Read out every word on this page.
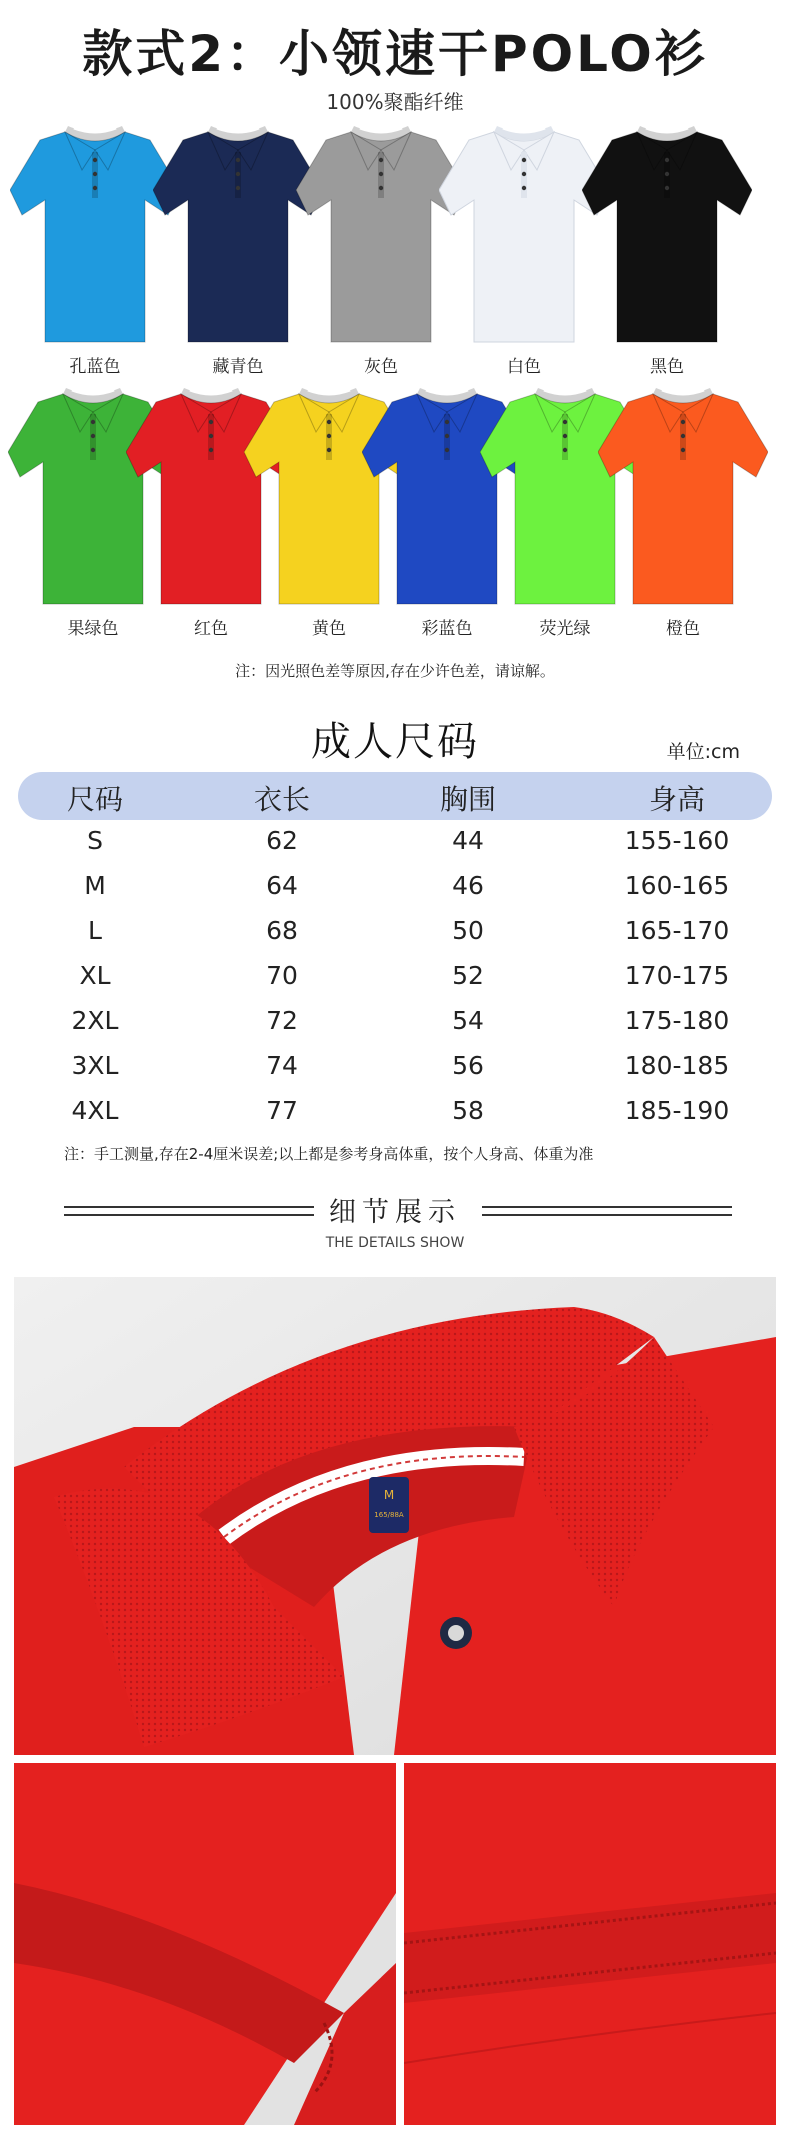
款式2：小领速干POLO衫
100%聚酯纤维
孔蓝色	藏青色	灰色	白色	黑色
果绿色	红色	黄色	彩蓝色	荧光绿	橙色
注：因光照色差等原因,存在少许色差，请谅解。
成人尺码	单位:cm
尺码	衣长	胸围	身高
S	62	44	155-160
M	64	46	160-165
L	68	50	165-170
XL	70	52	170-175
2XL	72	54	175-180
3XL	74	56	180-185
4XL	77	58	185-190
注：手工测量,存在2-4厘米误差;以上都是参考身高体重，按个人身高、体重为准
细节展示
THE DETAILS SHOW
M
165/88A
